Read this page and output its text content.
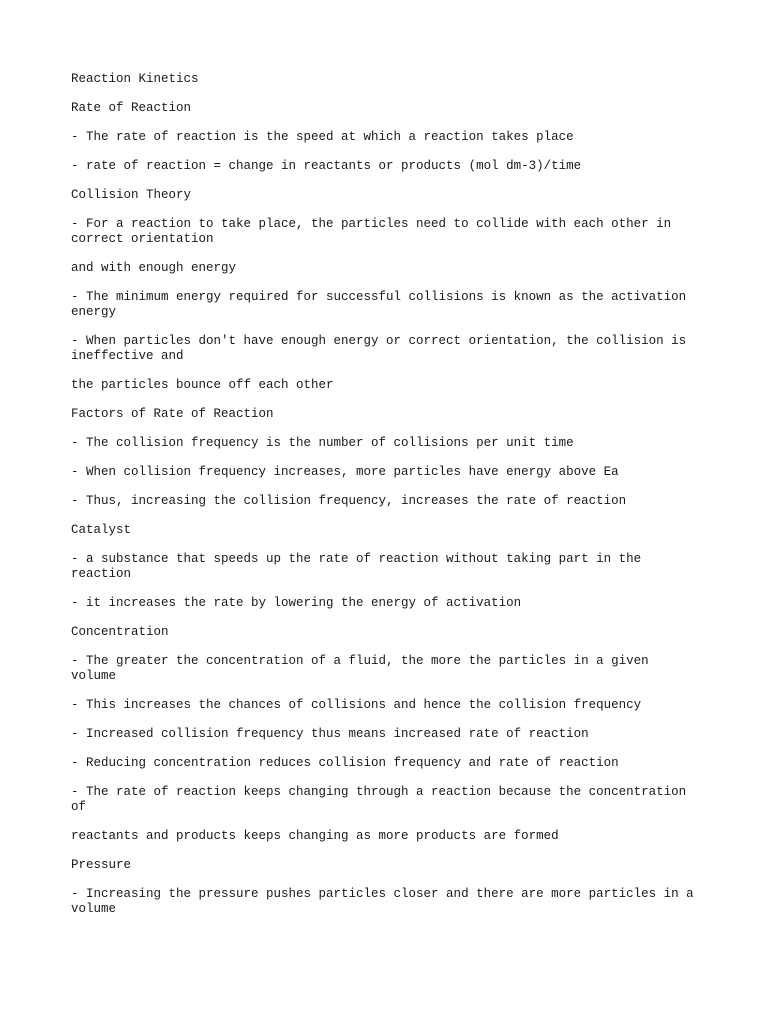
Reaction Kinetics

Rate of Reaction

- The rate of reaction is the speed at which a reaction takes place

- rate of reaction = change in reactants or products (mol dm-3)/time

Collision Theory

- For a reaction to take place, the particles need to collide with each other in
correct orientation

and with enough energy

- The minimum energy required for successful collisions is known as the activation
energy

- When particles don't have enough energy or correct orientation, the collision is
ineffective and

the particles bounce off each other

Factors of Rate of Reaction

- The collision frequency is the number of collisions per unit time

- When collision frequency increases, more particles have energy above Ea

- Thus, increasing the collision frequency, increases the rate of reaction

Catalyst

- a substance that speeds up the rate of reaction without taking part in the
reaction

- it increases the rate by lowering the energy of activation

Concentration

- The greater the concentration of a fluid, the more the particles in a given
volume

- This increases the chances of collisions and hence the collision frequency

- Increased collision frequency thus means increased rate of reaction

- Reducing concentration reduces collision frequency and rate of reaction

- The rate of reaction keeps changing through a reaction because the concentration
of

reactants and products keeps changing as more products are formed

Pressure

- Increasing the pressure pushes particles closer and there are more particles in a
volume
